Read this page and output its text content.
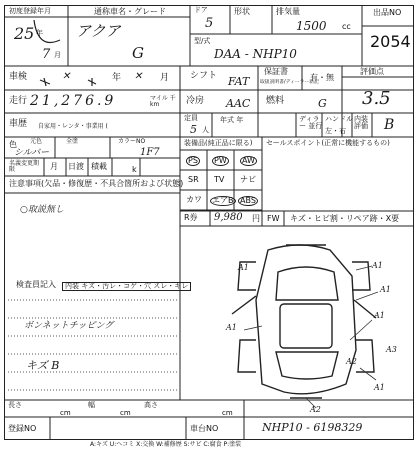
初度登録年月
25 年
7 月
通称車名・グレード
アクア
G
ドア
5
形状	排気量
1500 cc
出品NO
2054
型/式
DAA - NHP10
車検	年	月 シフト FAT
保証書
取扱説明書/ディーラー新記
有・無
評価点
3.5
走行 21,276.9	マイル 千km	冷房 AAC 燃料	G
車歴 自家用・レンタ・事業用 (
定員
5 人
年式 年	ディラー 並行
ハンドル
左・右
内装 評価 B
色 元色
シルバー
全塗	カラーNO
1F7
装備品(純正品に限る) セールスポイント(正常に機能するもの)
PS PW AW
SR TV ナビ
カワ エアB ABS
R券 9,980 円 FW キズ・ヒビ割・リペア跡・X要
名義変更期限	月 日渡 積載	k
注意事項(欠品・修復歴・不具合箇所および状態)
○取説無し
検査員記入	内装 キズ・汚レ・コゲ・穴 スレ・キレ
ボンネットチッピング
キズ B
A1
A1
A1
A1
A1
A2
A3
A2
A1
長さ
cm
幅
cm
高さ
cm
登録NO	車台NO	NHP10 - 6198329
A:キズ U:ヘコミ X:交換 W:補修歴 S:サビ C:腐食 P:塗装
✕	✕
